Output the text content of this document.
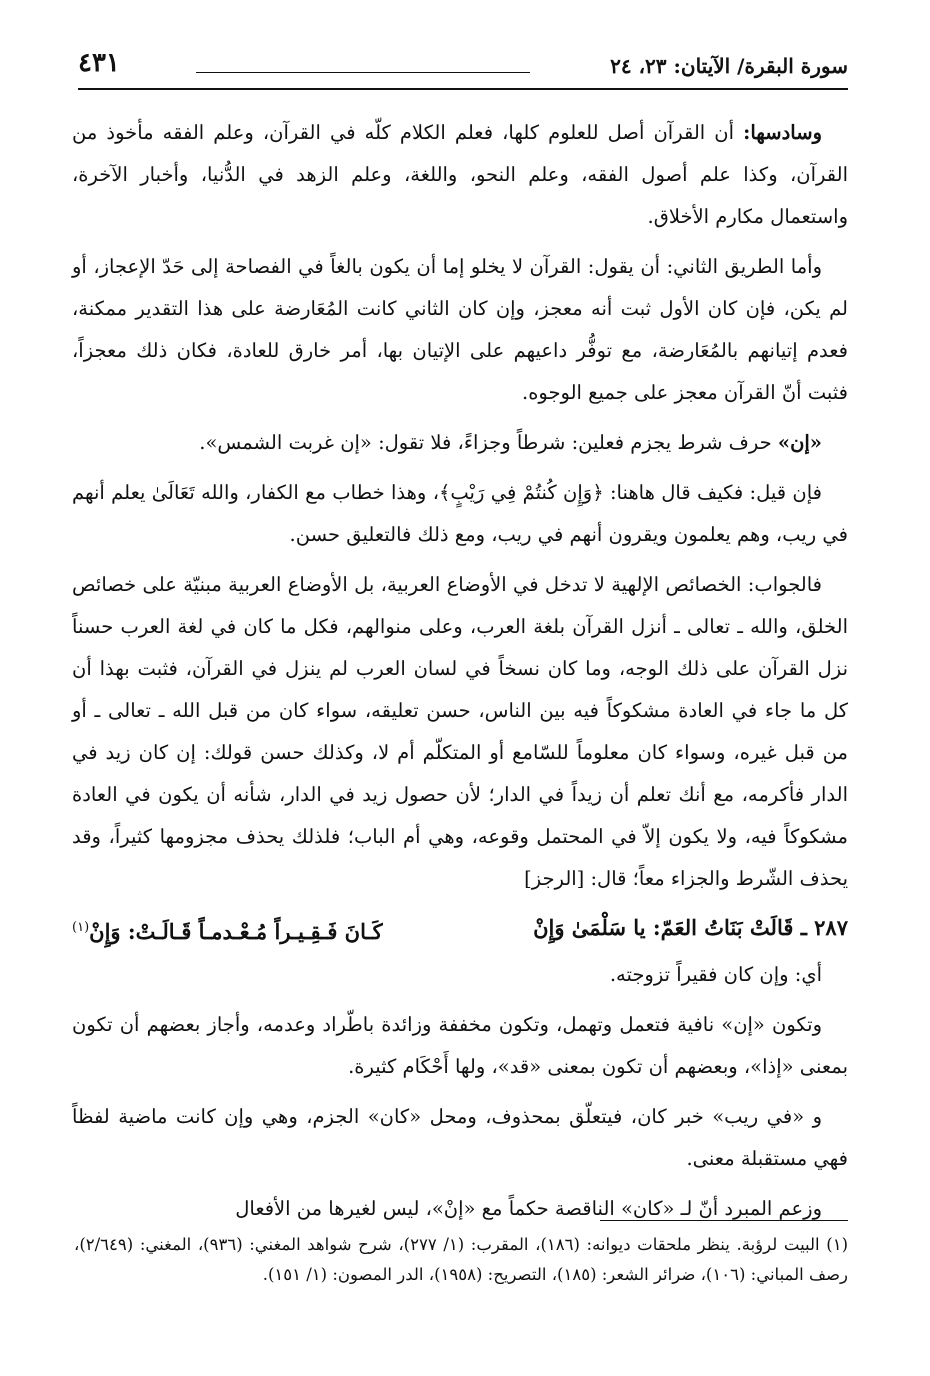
سورة البقرة/ الآيتان: ٢٣، ٢٤
٤٣١

وسادسها: أن القرآن أصل للعلوم كلها، فعلم الكلام كلّه في القرآن، وعلم الفقه مأخوذ من القرآن، وكذا علم أصول الفقه، وعلم النحو، واللغة، وعلم الزهد في الدُّنيا، وأخبار الآخرة، واستعمال مكارم الأخلاق.

وأما الطريق الثاني: أن يقول: القرآن لا يخلو إما أن يكون بالغاً في الفصاحة إلى حَدّ الإعجاز، أو لم يكن، فإن كان الأول ثبت أنه معجز، وإن كان الثاني كانت المُعَارضة على هذا التقدير ممكنة، فعدم إتيانهم بالمُعَارضة، مع توفُّر داعيهم على الإتيان بها، أمر خارق للعادة، فكان ذلك معجزاً، فثبت أنّ القرآن معجز على جميع الوجوه.

«إن» حرف شرط يجزم فعلين: شرطاً وجزاءً، فلا تقول: «إن غربت الشمس».

فإن قيل: فكيف قال هاهنا: ﴿وَإِن كُنتُمْ فِي رَيْبٍ﴾، وهذا خطاب مع الكفار، والله تَعَالَىٰ يعلم أنهم في ريب، وهم يعلمون ويقرون أنهم في ريب، ومع ذلك فالتعليق حسن.

فالجواب: الخصائص الإلهية لا تدخل في الأوضاع العربية، بل الأوضاع العربية مبنيّة على خصائص الخلق، والله ـ تعالى ـ أنزل القرآن بلغة العرب، وعلى منوالهم، فكل ما كان في لغة العرب حسناً نزل القرآن على ذلك الوجه، وما كان نسخاً في لسان العرب لم ينزل في القرآن، فثبت بهذا أن كل ما جاء في العادة مشكوكاً فيه بين الناس، حسن تعليقه، سواء كان من قبل الله ـ تعالى ـ أو من قبل غيره، وسواء كان معلوماً للسّامع أو المتكلّم أم لا، وكذلك حسن قولك: إن كان زيد في الدار فأكرمه، مع أنك تعلم أن زيداً في الدار؛ لأن حصول زيد في الدار، شأنه أن يكون في العادة مشكوكاً فيه، ولا يكون إلاّ في المحتمل وقوعه، وهي أم الباب؛ فلذلك يحذف مجزومها كثيراً، وقد يحذف الشّرط والجزاء معاً؛ قال: [الرجز]

٢٨٧ ـ قَالَتْ بَنَاتُ العَمّ: يا سَلْمَىٰ وَإِنْ
كَـانَ فَـقِـيـراً مُـعْـدمـاً قَـالَـتْ: وَإِنْ$^{(١)}$

أي: وإن كان فقيراً تزوجته.

وتكون «إن» نافية فتعمل وتهمل، وتكون مخففة وزائدة باطّراد وعدمه، وأجاز بعضهم أن تكون بمعنى «إذا»، وبعضهم أن تكون بمعنى «قد»، ولها أَحْكَام كثيرة.

و «في ريب» خبر كان، فيتعلّق بمحذوف، ومحل «كان» الجزم، وهي وإن كانت ماضية لفظاً فهي مستقبلة معنى.

وزعم المبرد أنّ لـ «كان» الناقصة حكماً مع «إنْ»، ليس لغيرها من الأفعال

(١) البيت لرؤبة. ينظر ملحقات ديوانه: (١٨٦)، المقرب: (١/ ٢٧٧)، شرح شواهد المغني: (٩٣٦)، المغني: (٢/٦٤٩)، رصف المباني: (١٠٦)، ضرائر الشعر: (١٨٥)، التصريح: (١٩٥٨)، الدر المصون: (١/ ١٥١).
